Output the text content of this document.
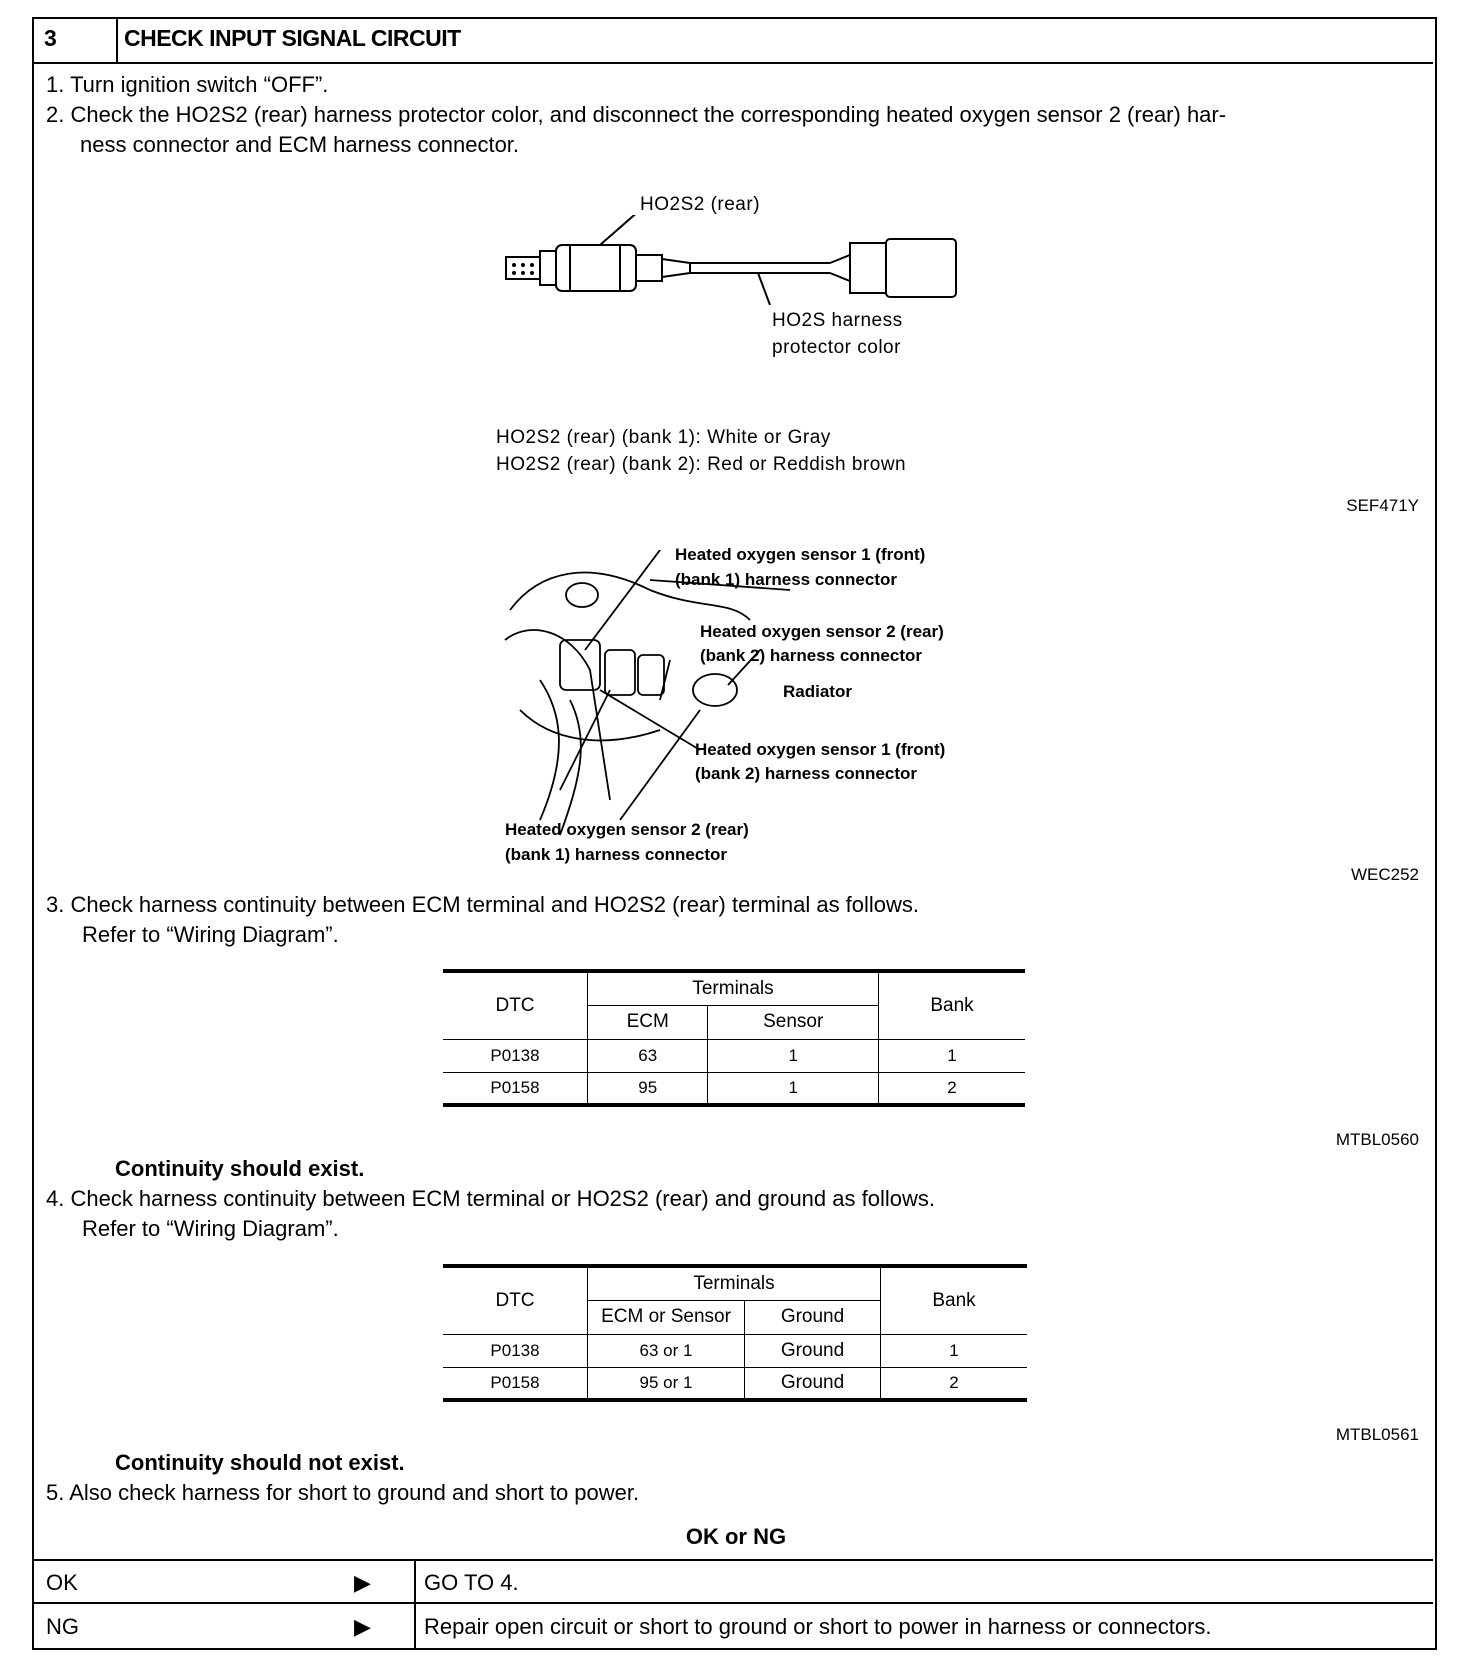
3	CHECK INPUT SIGNAL CIRCUIT
1. Turn ignition switch “OFF”.
2. Check the HO2S2 (rear) harness protector color, and disconnect the corresponding heated oxygen sensor 2 (rear) har-
ness connector and ECM harness connector.
HO2S2 (rear)
HO2S harness
protector color
HO2S2 (rear) (bank 1): White or Gray
HO2S2 (rear) (bank 2): Red or Reddish brown
SEF471Y
Heated oxygen sensor 1 (front)
(bank 1) harness connector
Heated oxygen sensor 2 (rear)
(bank 2) harness connector
Radiator
Heated oxygen sensor 1 (front)
(bank 2) harness connector
Heated oxygen sensor 2 (rear)
(bank 1) harness connector
WEC252
3. Check harness continuity between ECM terminal and HO2S2 (rear) terminal as follows.
Refer to “Wiring Diagram”.
DTC	Terminals		Bank
	ECM	Sensor	
P0138	63	1	1
P0158	95	1	2
MTBL0560
Continuity should exist.
4. Check harness continuity between ECM terminal or HO2S2 (rear) and ground as follows.
Refer to “Wiring Diagram”.
DTC	Terminals		Bank
	ECM or Sensor	Ground	
P0138	63 or 1	Ground	1
P0158	95 or 1	Ground	2
MTBL0561
Continuity should not exist.
5. Also check harness for short to ground and short to power.
OK or NG
OK	▶ GO TO 4.
NG	▶ Repair open circuit or short to ground or short to power in harness or connectors.
